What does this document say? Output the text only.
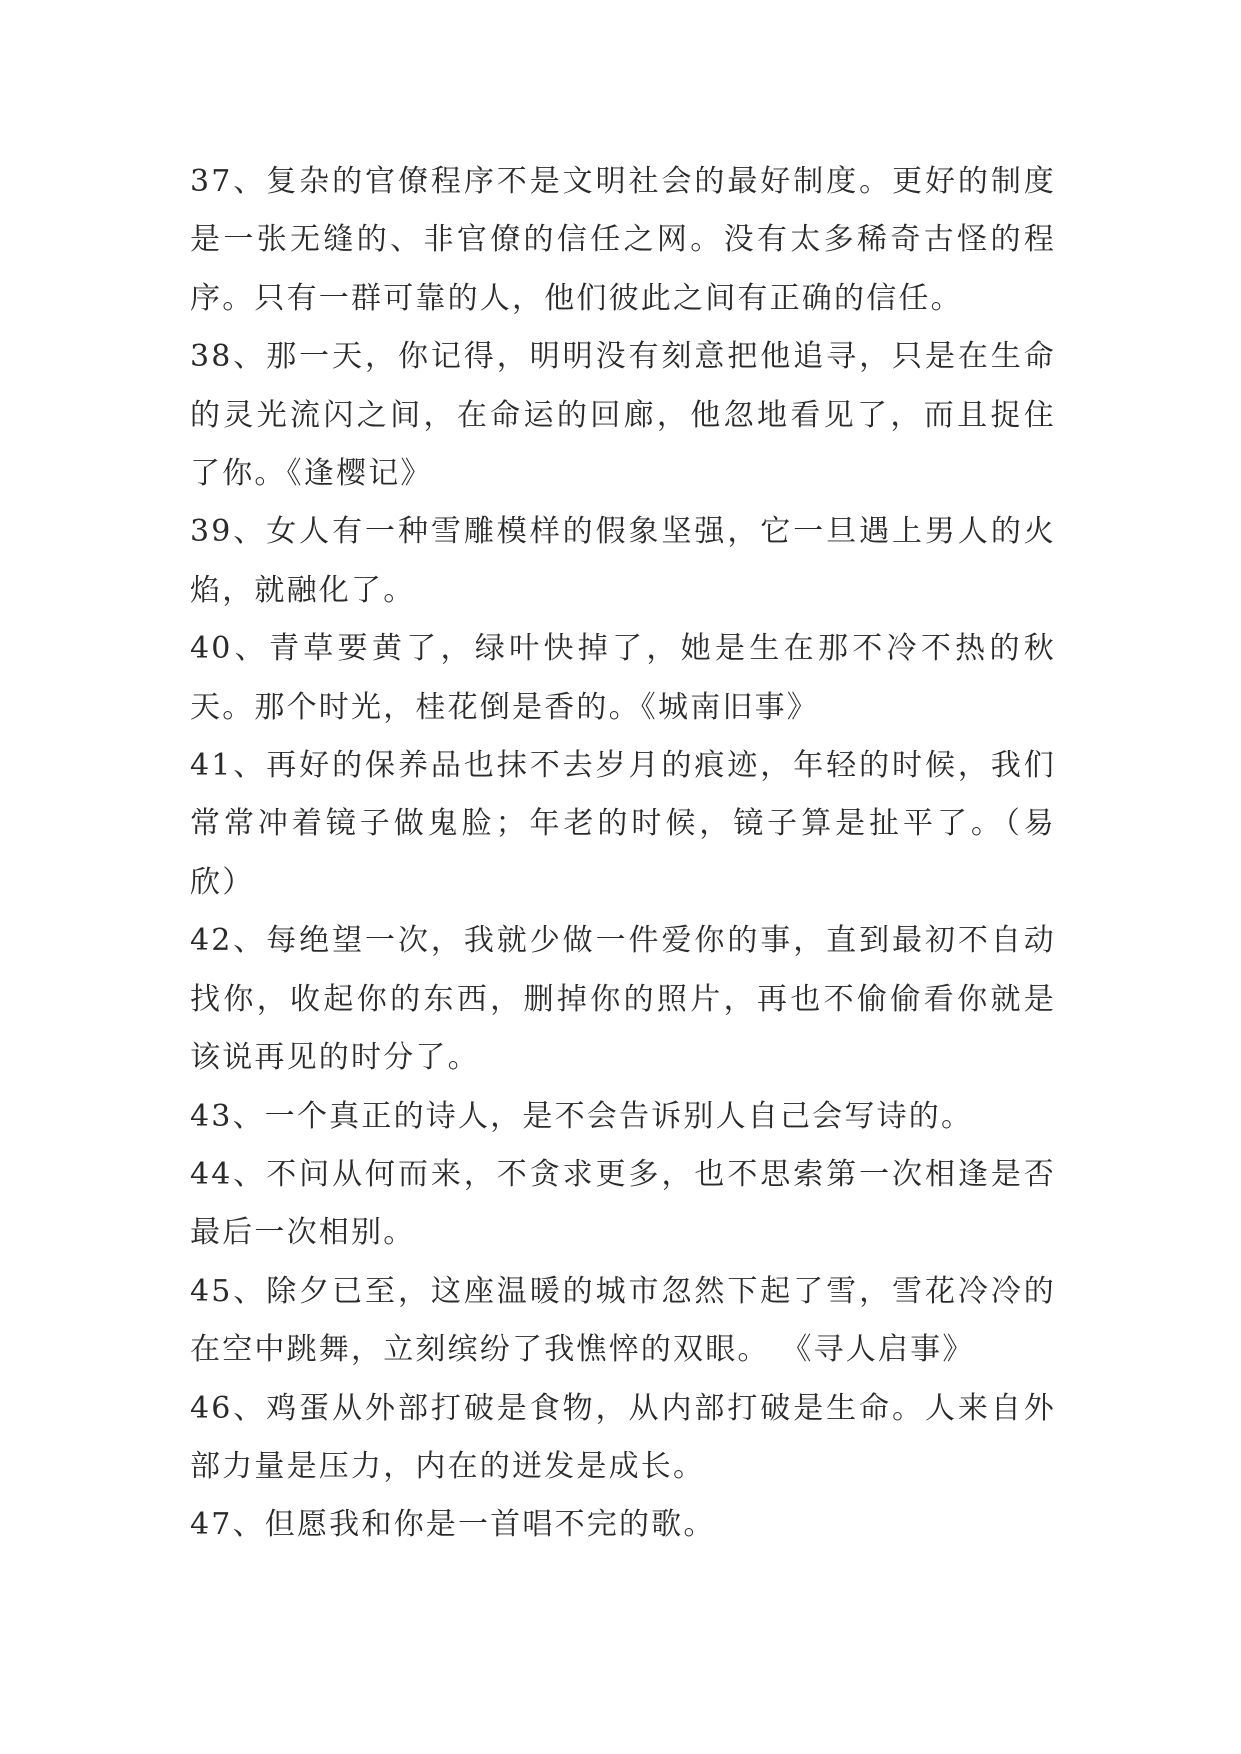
37、复杂的官僚程序不是文明社会的最好制度。更好的制度是一张无缝的、非官僚的信任之网。没有太多稀奇古怪的程序。只有一群可靠的人，他们彼此之间有正确的信任。

38、那一天，你记得，明明没有刻意把他追寻，只是在生命的灵光流闪之间，在命运的回廊，他忽地看见了，而且捉住了你。《逢樱记》

39、女人有一种雪雕模样的假象坚强，它一旦遇上男人的火焰，就融化了。

40、青草要黄了，绿叶快掉了，她是生在那不冷不热的秋天。那个时光，桂花倒是香的。《城南旧事》

41、再好的保养品也抹不去岁月的痕迹，年轻的时候，我们常常冲着镜子做鬼脸；年老的时候，镜子算是扯平了。（易欣）

42、每绝望一次，我就少做一件爱你的事，直到最初不自动找你，收起你的东西，删掉你的照片，再也不偷偷看你就是该说再见的时分了。

43、一个真正的诗人，是不会告诉别人自己会写诗的。

44、不问从何而来，不贪求更多，也不思索第一次相逢是否最后一次相别。

45、除夕已至，这座温暖的城市忽然下起了雪，雪花冷冷的在空中跳舞，立刻缤纷了我憔悴的双眼。 《寻人启事》

46、鸡蛋从外部打破是食物，从内部打破是生命。人来自外部力量是压力，内在的迸发是成长。

47、但愿我和你是一首唱不完的歌。
